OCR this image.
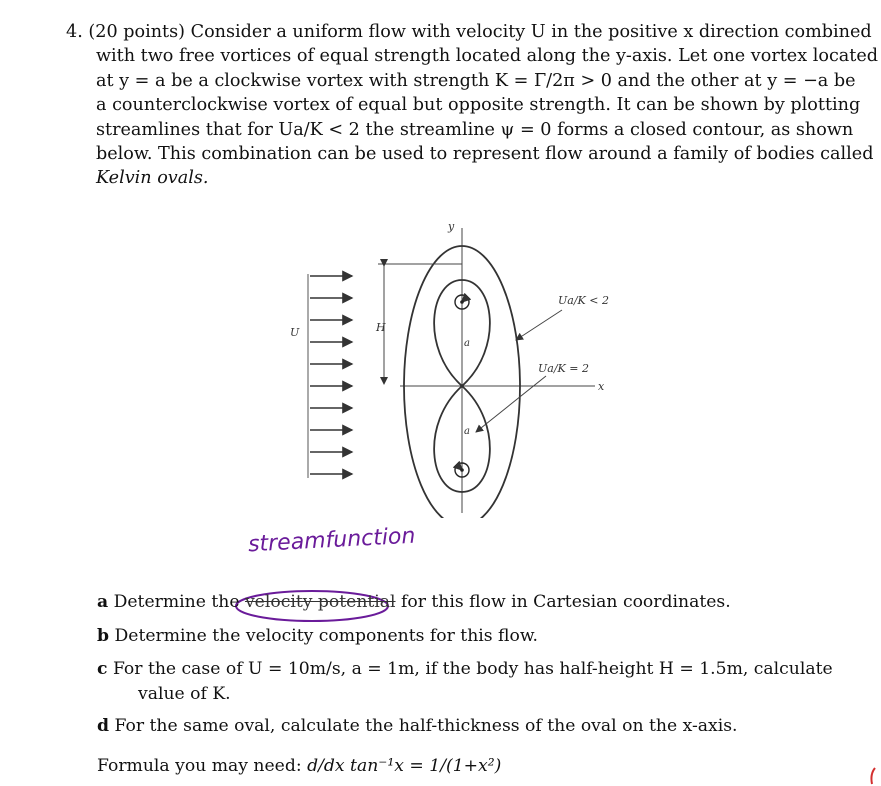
4. (20 points) Consider a uniform flow with velocity U in the positive x direction combined
with two free vortices of equal strength located along the y-axis. Let one vortex located
at y = a be a clockwise vortex with strength K = Γ/2π > 0 and the other at y = −a be
a counterclockwise vortex of equal but opposite strength. It can be shown by plotting
streamlines that for Ua/K < 2 the streamline ψ = 0 forms a closed contour, as shown
below. This combination can be used to represent flow around a family of bodies called
Kelvin ovals.
y
x
a
a
H
U
Ua/K < 2
Ua/K = 2
streamfunction
a Determine the velocity potential for this flow in Cartesian coordinates.
b Determine the velocity components for this flow.
c For the case of U = 10m/s, a = 1m, if the body has half-height H = 1.5m, calculate
value of K.
d For the same oval, calculate the half-thickness of the oval on the x-axis.
Formula you may need: d/dx tan⁻¹x = 1/(1+x²)
